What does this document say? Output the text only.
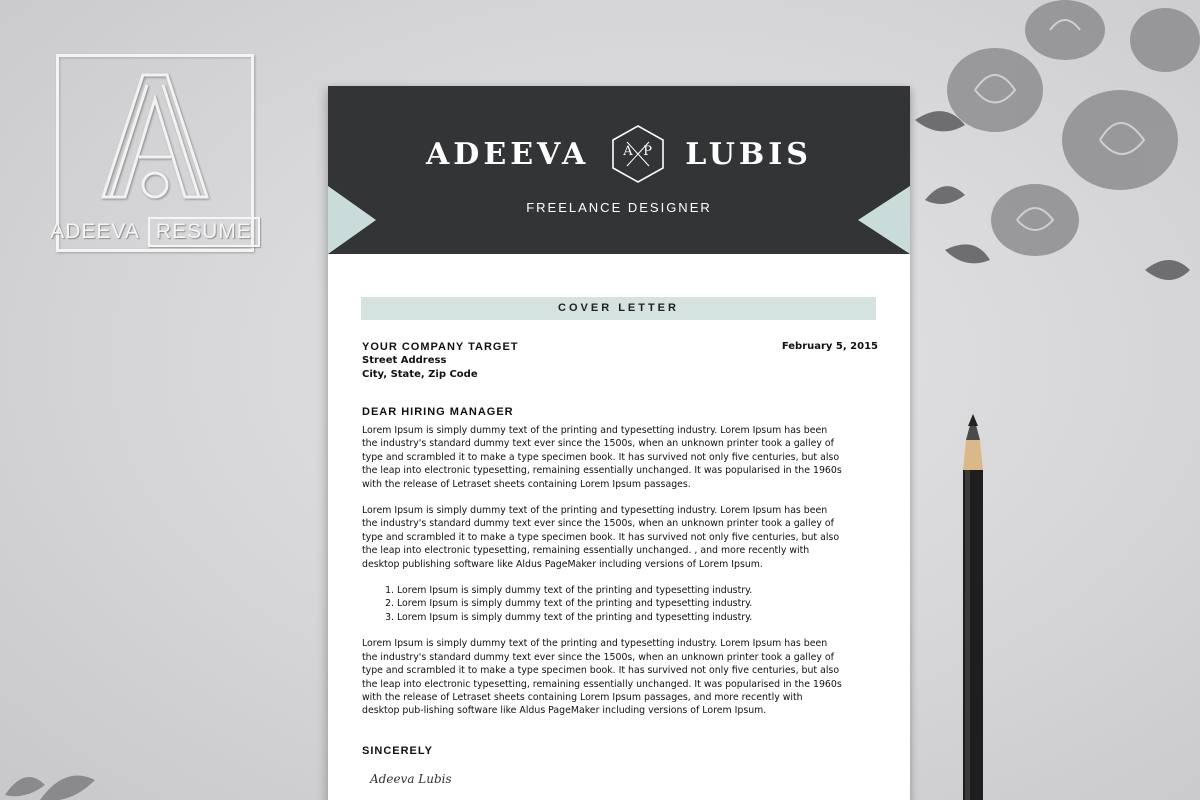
ADEEVA RESUME
ADEEVA	A P LUBIS
FREELANCE DESIGNER
COVER LETTER
YOUR COMPANY TARGET
Street Address
City, State, Zip Code
February 5, 2015
DEAR HIRING MANAGER

Lorem Ipsum is simply dummy text of the printing and typesetting industry. Lorem Ipsum has been the industry's standard dummy text ever since the 1500s, when an unknown printer took a galley of type and scrambled it to make a type specimen book. It has survived not only five centuries, but also the leap into electronic typesetting, remaining essentially unchanged. It was popularised in the 1960s with the release of Letraset sheets containing Lorem Ipsum passages.

Lorem Ipsum is simply dummy text of the printing and typesetting industry. Lorem Ipsum has been the industry's standard dummy text ever since the 1500s, when an unknown printer took a galley of type and scrambled it to make a type specimen book. It has survived not only five centuries, but also the leap into electronic typesetting, remaining essentially unchanged. , and more recently with desktop publishing software like Aldus PageMaker including versions of Lorem Ipsum.

1. Lorem Ipsum is simply dummy text of the printing and typesetting industry.
2. Lorem Ipsum is simply dummy text of the printing and typesetting industry.
3. Lorem Ipsum is simply dummy text of the printing and typesetting industry.

Lorem Ipsum is simply dummy text of the printing and typesetting industry. Lorem Ipsum has been the industry's standard dummy text ever since the 1500s, when an unknown printer took a galley of type and scrambled it to make a type specimen book. It has survived not only five centuries, but also the leap into electronic typesetting, remaining essentially unchanged. It was popularised in the 1960s with the release of Letraset sheets containing Lorem Ipsum passages, and more recently with desktop pub-lishing software like Aldus PageMaker including versions of Lorem Ipsum.

SINCERELY
Adeeva Lubis
